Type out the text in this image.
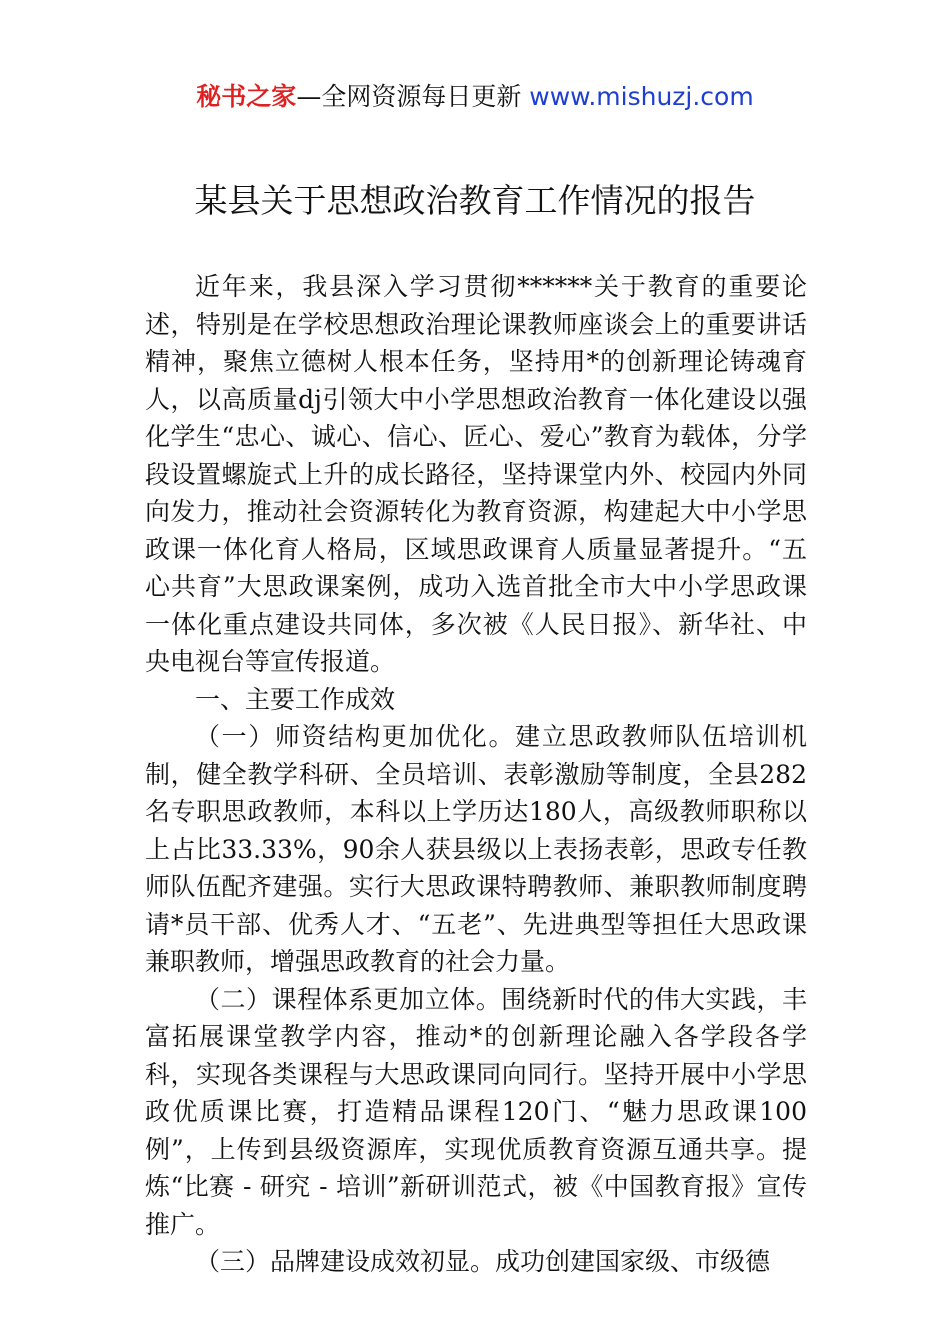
秘书之家—全网资源每日更新 www.mishuzj.com
某县关于思想政治教育工作情况的报告

近年来，我县深入学习贯彻******关于教育的重要论述，特别是在学校思想政治理论课教师座谈会上的重要讲话精神，聚焦立德树人根本任务，坚持用*的创新理论铸魂育人，以高质量dj引领大中小学思想政治教育一体化建设以强化学生“忠心、诚心、信心、匠心、爱心”教育为载体，分学段设置螺旋式上升的成长路径，坚持课堂内外、校园内外同向发力，推动社会资源转化为教育资源，构建起大中小学思政课一体化育人格局，区域思政课育人质量显著提升。“五心共育”大思政课案例，成功入选首批全市大中小学思政课一体化重点建设共同体，多次被《人民日报》、新华社、中央电视台等宣传报道。

一、主要工作成效

（一）师资结构更加优化。建立思政教师队伍培训机制，健全教学科研、全员培训、表彰激励等制度，全县282名专职思政教师，本科以上学历达180人，高级教师职称以上占比33.33%，90余人获县级以上表扬表彰，思政专任教师队伍配齐建强。实行大思政课特聘教师、兼职教师制度聘请*员干部、优秀人才、“五老”、先进典型等担任大思政课兼职教师，增强思政教育的社会力量。

（二）课程体系更加立体。围绕新时代的伟大实践，丰富拓展课堂教学内容，推动*的创新理论融入各学段各学科，实现各类课程与大思政课同向同行。坚持开展中小学思政优质课比赛，打造精品课程120门、“魅力思政课100例”，上传到县级资源库，实现优质教育资源互通共享。提炼“比赛 - 研究 - 培训”新研训范式，被《中国教育报》宣传推广。

（三）品牌建设成效初显。成功创建国家级、市级德
